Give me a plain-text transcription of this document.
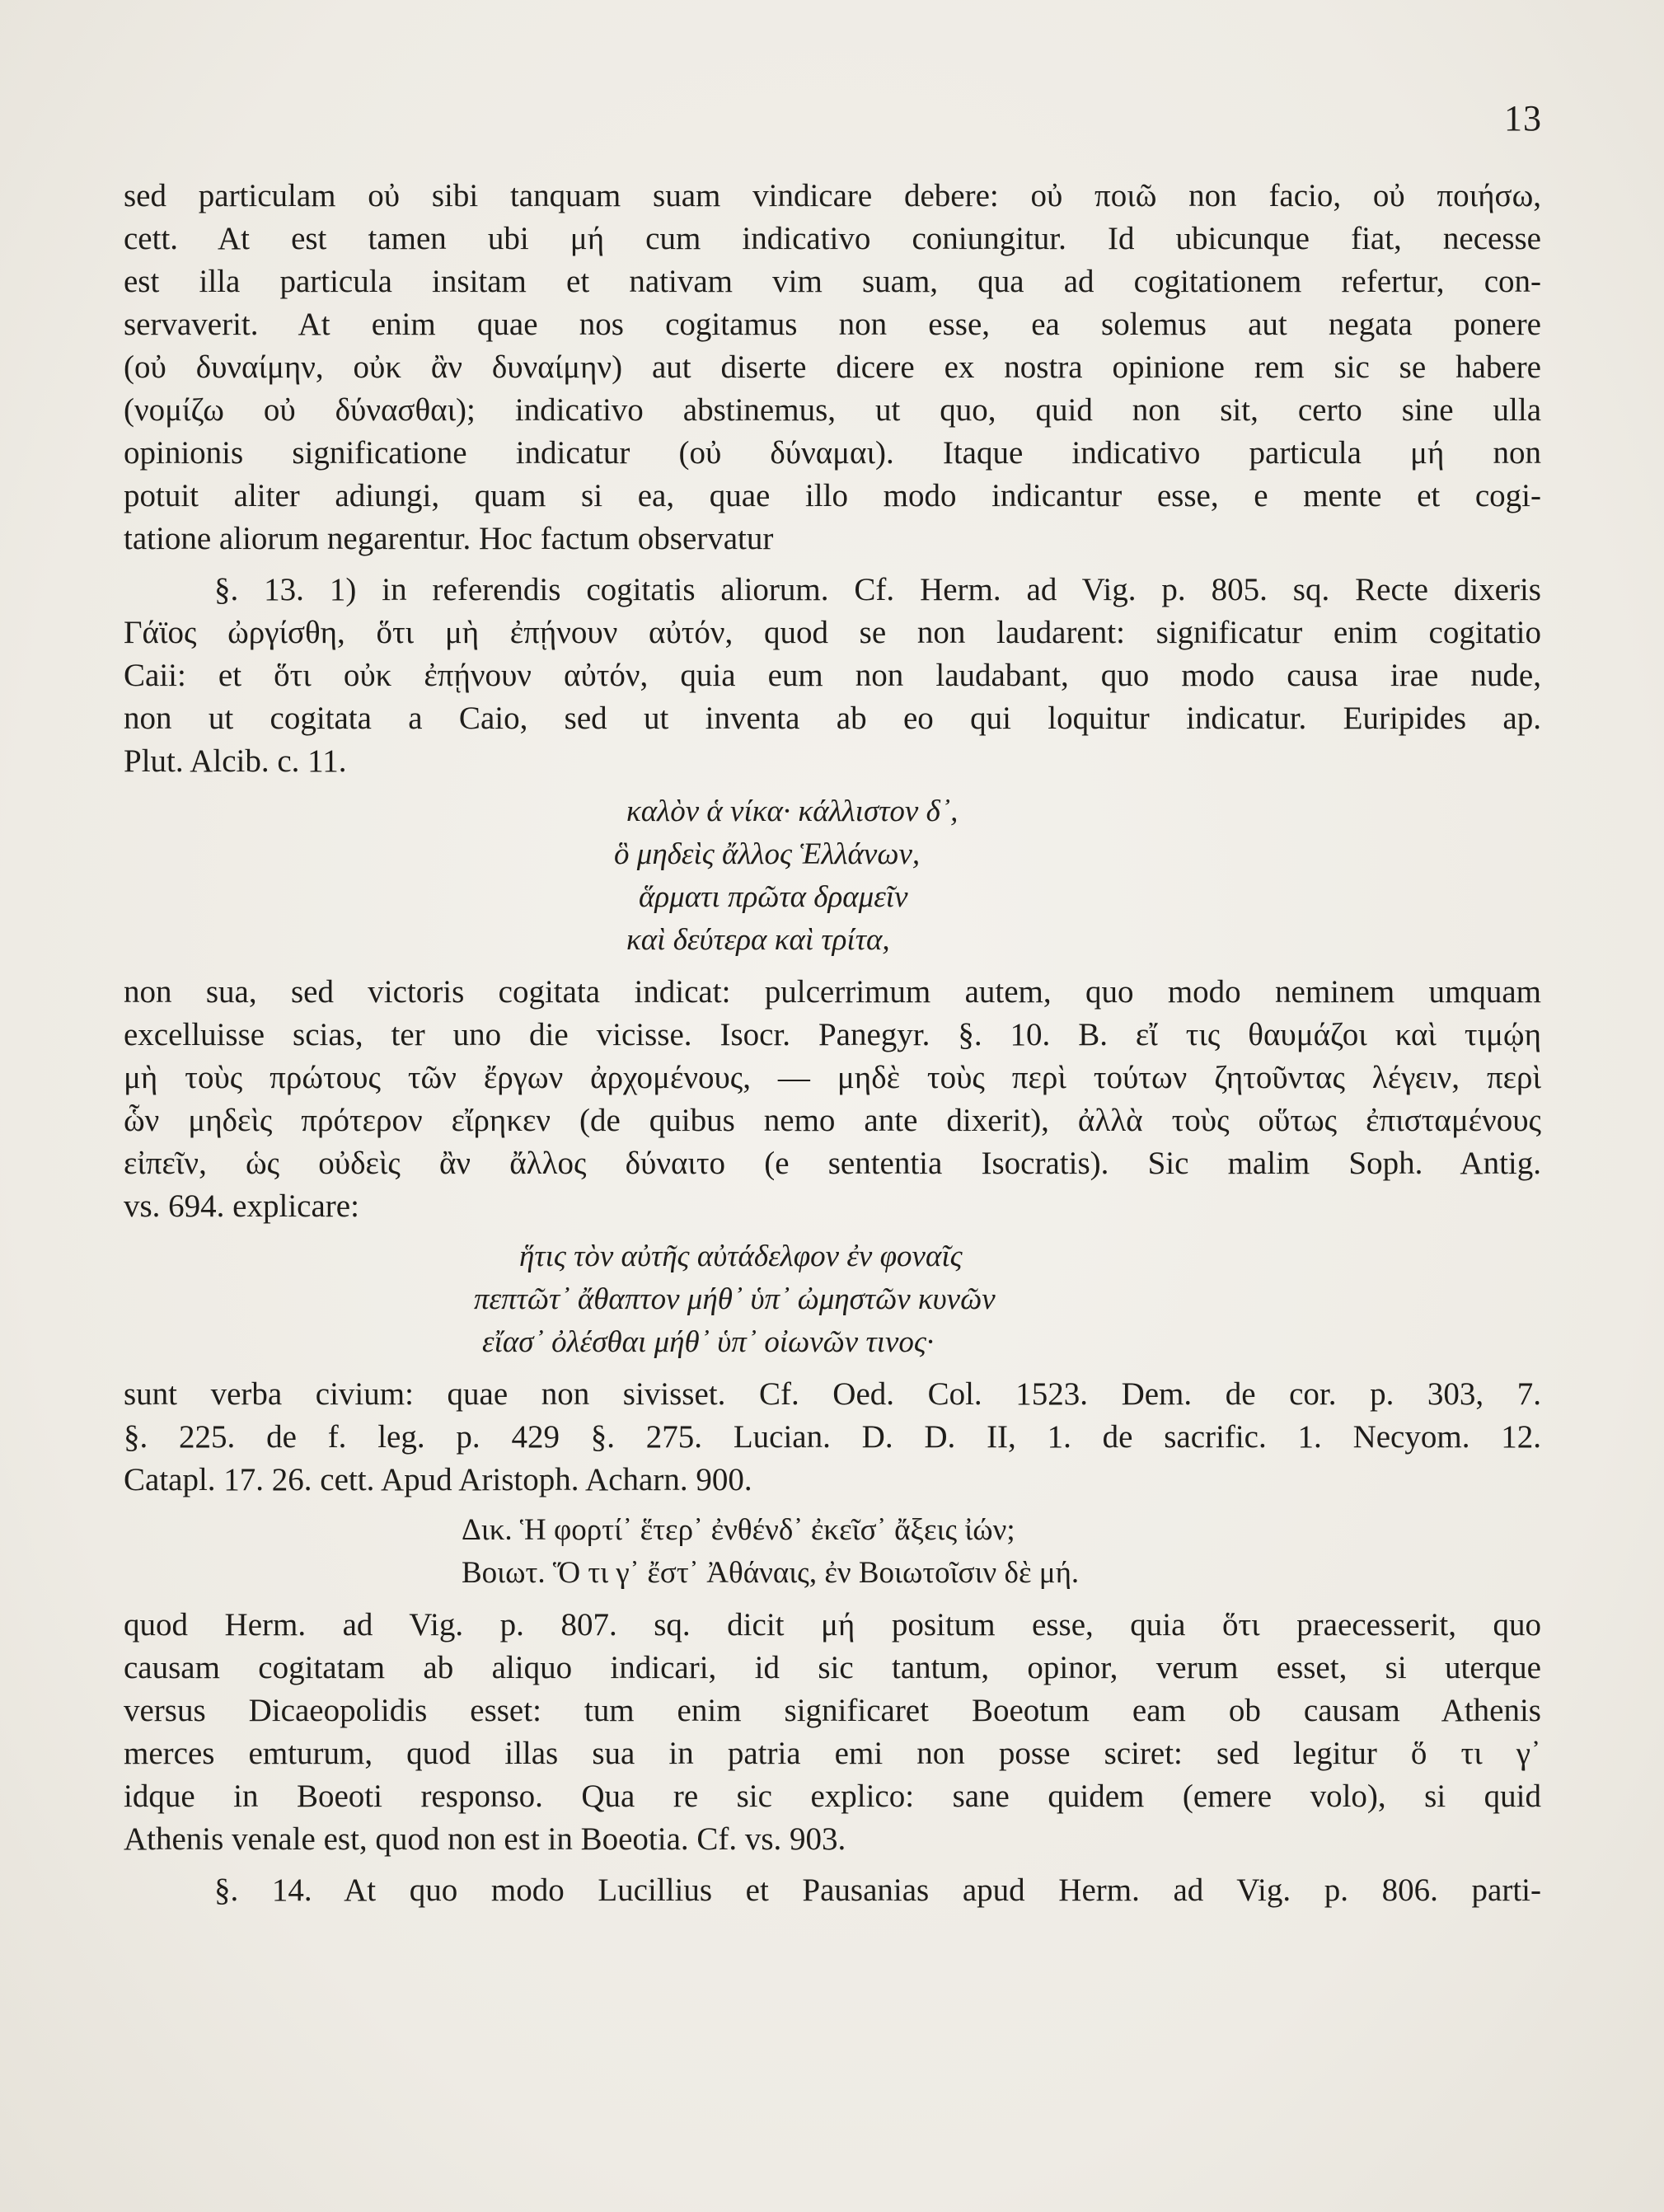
13
sed particulam οὐ sibi tanquam suam vindicare debere: οὐ ποιῶ non facio, οὐ ποιήσω,
cett. At est tamen ubi μή cum indicativo coniungitur. Id ubicunque fiat, necesse
est illa particula insitam et nativam vim suam, qua ad cogitationem refertur, con-
servaverit. At enim quae nos cogitamus non esse, ea solemus aut negata ponere
(οὐ δυναίμην, οὐκ ἂν δυναίμην) aut diserte dicere ex nostra opinione rem sic se habere
(νομίζω οὐ δύνασθαι); indicativo abstinemus, ut quo, quid non sit, certo sine ulla
opinionis significatione indicatur (οὐ δύναμαι). Itaque indicativo particula μή non
potuit aliter adiungi, quam si ea, quae illo modo indicantur esse, e mente et cogi-
tatione aliorum negarentur. Hoc factum observatur
§. 13. 1) in referendis cogitatis aliorum. Cf. Herm. ad Vig. p. 805. sq. Recte dixeris
Γάϊος ὠργίσθη, ὅτι μὴ ἐπῄνουν αὐτόν, quod se non laudarent: significatur enim cogitatio
Caii: et ὅτι οὐκ ἐπῄνουν αὐτόν, quia eum non laudabant, quo modo causa irae nude,
non ut cogitata a Caio, sed ut inventa ab eo qui loquitur indicatur. Euripides ap.
Plut. Alcib. c. 11.
καλὸν ἁ νίκα· κάλλιστον δ᾽,
ὃ μηδεὶς ἄλλος Ἑλλάνων,
ἅρματι πρῶτα δραμεῖν
καὶ δεύτερα καὶ τρίτα,
non sua, sed victoris cogitata indicat: pulcerrimum autem, quo modo neminem umquam
excelluisse scias, ter uno die vicisse. Isocr. Panegyr. §. 10. B. εἴ τις θαυμάζοι καὶ τιμῴη
μὴ τοὺς πρώτους τῶν ἔργων ἀρχομένους, — μηδὲ τοὺς περὶ τούτων ζητοῦντας λέγειν, περὶ
ὧν μηδεὶς πρότερον εἴρηκεν (de quibus nemo ante dixerit), ἀλλὰ τοὺς οὕτως ἐπισταμένους
εἰπεῖν, ὡς οὐδεὶς ἂν ἄλλος δύναιτο (e sententia Isocratis). Sic malim Soph. Antig.
vs. 694. explicare:
ἥτις τὸν αὐτῆς αὐτάδελφον ἐν φοναῖς
πεπτῶτ᾽ ἄθαπτον μήθ᾽ ὑπ᾽ ὠμηστῶν κυνῶν
εἴασ᾽ ὀλέσθαι μήθ᾽ ὑπ᾽ οἰωνῶν τινος·
sunt verba civium: quae non sivisset. Cf. Oed. Col. 1523. Dem. de cor. p. 303, 7.
§. 225. de f. leg. p. 429 §. 275. Lucian. D. D. II, 1. de sacrific. 1. Necyom. 12.
Catapl. 17. 26. cett. Apud Aristoph. Acharn. 900.
Δικ. Ἡ φορτί᾽ ἕτερ᾽ ἐνθένδ᾽ ἐκεῖσ᾽ ἄξεις ἰών;
Βοιωτ. Ὅ τι γ᾽ ἔστ᾽ Ἀθάναις, ἐν Βοιωτοῖσιν δὲ μή.
quod Herm. ad Vig. p. 807. sq. dicit μή positum esse, quia ὅτι praecesserit, quo
causam cogitatam ab aliquo indicari, id sic tantum, opinor, verum esset, si uterque
versus Dicaeopolidis esset: tum enim significaret Boeotum eam ob causam Athenis
merces emturum, quod illas sua in patria emi non posse sciret: sed legitur ὅ τι γ᾽
idque in Boeoti responso. Qua re sic explico: sane quidem (emere volo), si quid
Athenis venale est, quod non est in Boeotia. Cf. vs. 903.
§. 14. At quo modo Lucillius et Pausanias apud Herm. ad Vig. p. 806. parti-
